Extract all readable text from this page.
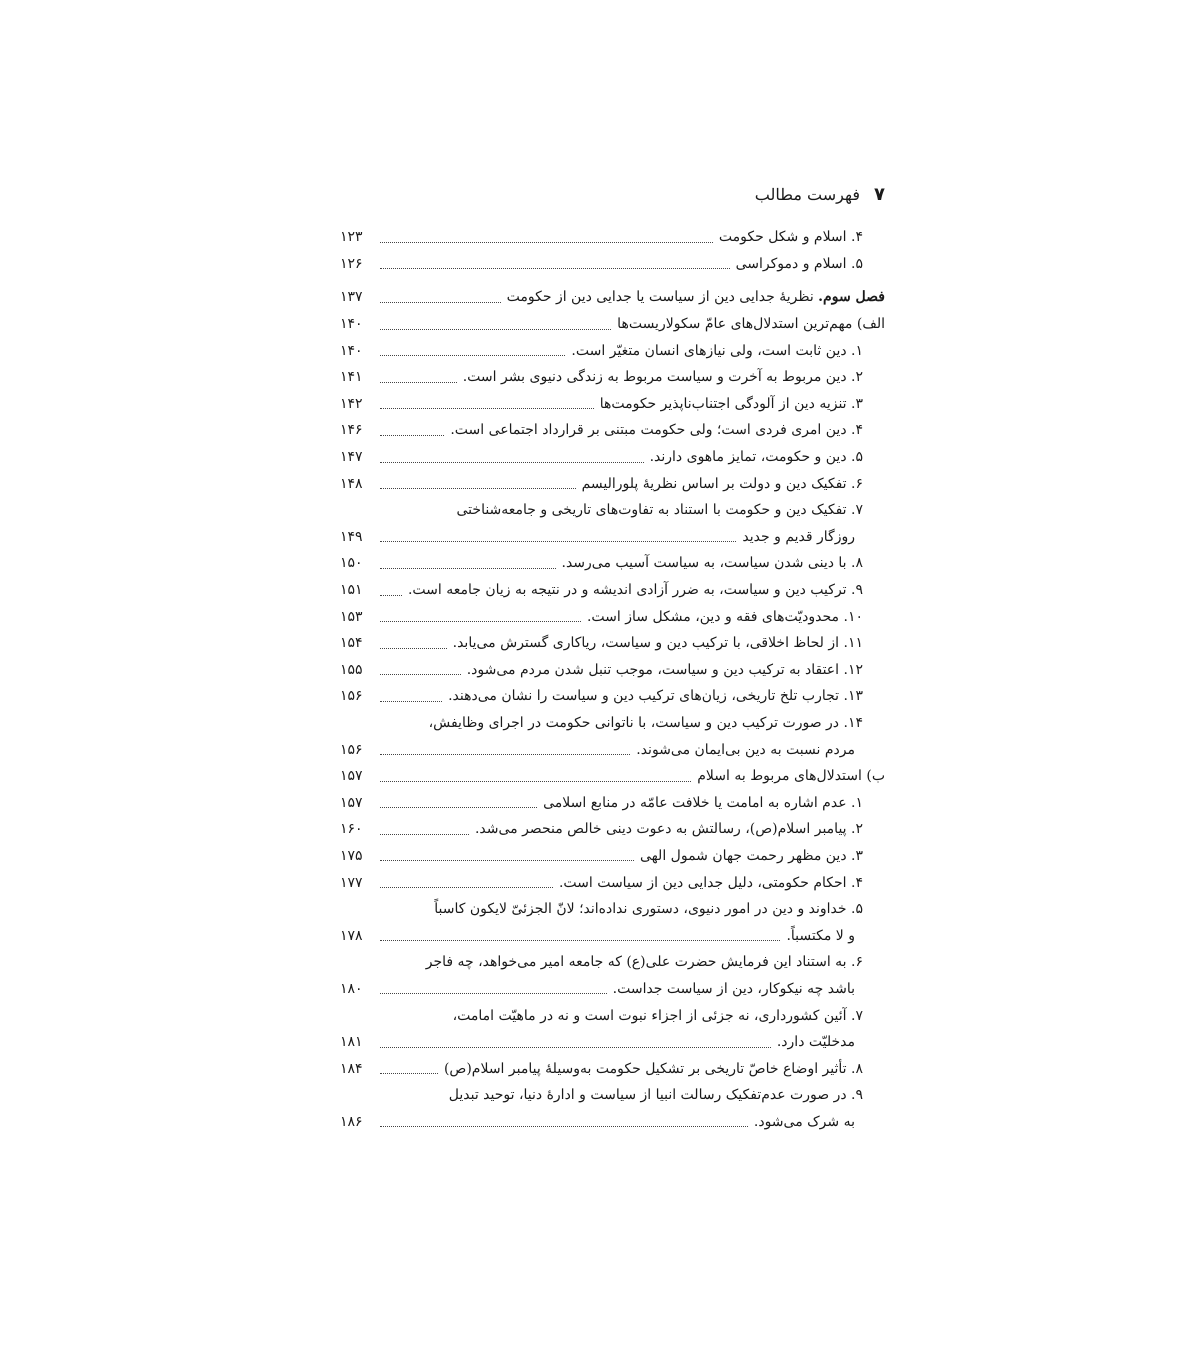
فهرست مطالب ۷
۴. اسلام و شکل حکومت
۱۲۳
۵. اسلام و دموکراسی
۱۲۶
فصل سوم. نظریهٔ جدایی دین از سیاست یا جدایی دین از حکومت
۱۳۷
الف) مهم‌ترین استدلال‌های عامّ سکولاریست‌ها
۱۴۰
۱. دین ثابت است، ولی نیازهای انسان متغیّر است.
۱۴۰
۲. دین مربوط به آخرت و سیاست مربوط به زندگی دنیوی بشر است.
۱۴۱
۳. تنزیه دین از آلودگی اجتناب‌ناپذیر حکومت‌ها
۱۴۲
۴. دین امری فردی است؛ ولی حکومت مبتنی بر قرارداد اجتماعی است.
۱۴۶
۵. دین و حکومت، تمایز ماهوی دارند.
۱۴۷
۶. تفکیک دین و دولت بر اساس نظریهٔ پلورالیسم
۱۴۸
۷. تفکیک دین و حکومت با استناد به تفاوت‌های تاریخی و جامعه‌شناختی
روزگار قدیم و جدید
۱۴۹
۸. با دینی شدن سیاست، به سیاست آسیب می‌رسد.
۱۵۰
۹. ترکیب دین و سیاست، به ضرر آزادی اندیشه و در نتیجه به زیان جامعه است.
۱۵۱
۱۰. محدودیّت‌های فقه و دین، مشکل ساز است.
۱۵۳
۱۱. از لحاظ اخلاقی، با ترکیب دین و سیاست، ریاکاری گسترش می‌یابد.
۱۵۴
۱۲. اعتقاد به ترکیب دین و سیاست، موجب تنبل شدن مردم می‌شود.
۱۵۵
۱۳. تجارب تلخ تاریخی، زیان‌های ترکیب دین و سیاست را نشان می‌دهند.
۱۵۶
۱۴. در صورت ترکیب دین و سیاست، با ناتوانی حکومت در اجرای وظایفش،
مردم نسبت به دین بی‌ایمان می‌شوند.
۱۵۶
ب) استدلال‌های مربوط به اسلام
۱۵۷
۱. عدم اشاره به امامت یا خلافت عامّه در منابع اسلامی
۱۵۷
۲. پیامبر اسلام(ص)، رسالتش به دعوت دینی خالص منحصر می‌شد.
۱۶۰
۳. دین مظهر رحمت جهان شمول الهی
۱۷۵
۴. احکام حکومتی، دلیل جدایی دین از سیاست است.
۱۷۷
۵. خداوند و دین در امور دنیوی، دستوری نداده‌اند؛ لانّ الجزئیّ لایکون کاسباً
و لا مکتسباً.
۱۷۸
۶. به استناد این فرمایش حضرت علی(ع) که جامعه امیر می‌خواهد، چه فاجر
باشد چه نیکوکار، دین از سیاست جداست.
۱۸۰
۷. آئین کشورداری، نه جزئی از اجزاء نبوت است و نه در ماهیّت امامت،
مدخلیّت دارد.
۱۸۱
۸. تأثیر اوضاع خاصّ تاریخی بر تشکیل حکومت به‌وسیلهٔ پیامبر اسلام(ص)
۱۸۴
۹. در صورت عدم‌تفکیک رسالت انبیا از سیاست و ادارهٔ دنیا، توحید تبدیل
به شرک می‌شود.
۱۸۶
